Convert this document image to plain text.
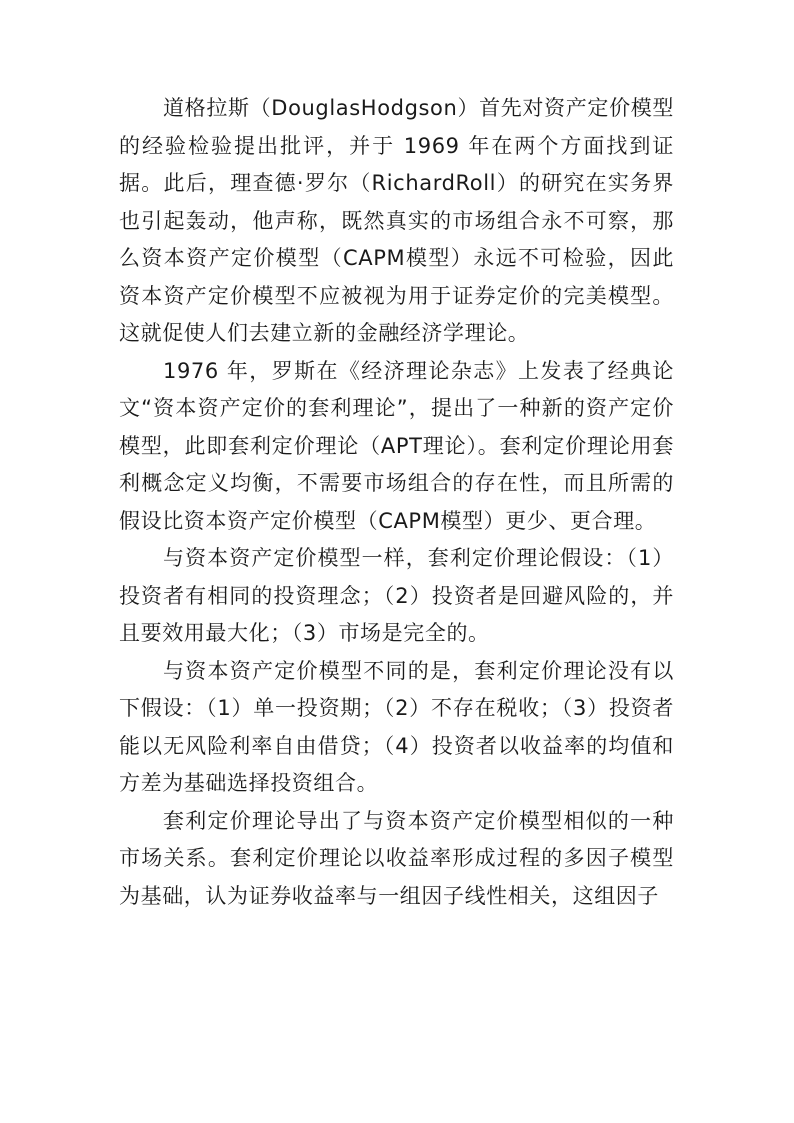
道格拉斯（DouglasHodgson）首先对资产定价模型的经验检验提出批评，并于 1969 年在两个方面找到证据。此后，理查德·罗尔（RichardRoll）的研究在实务界也引起轰动，他声称，既然真实的市场组合永不可察，那么资本资产定价模型（CAPM模型）永远不可检验，因此资本资产定价模型不应被视为用于证券定价的完美模型。这就促使人们去建立新的金融经济学理论。

1976 年，罗斯在《经济理论杂志》上发表了经典论文“资本资产定价的套利理论”，提出了一种新的资产定价模型，此即套利定价理论（APT理论）。套利定价理论用套利概念定义均衡，不需要市场组合的存在性，而且所需的假设比资本资产定价模型（CAPM模型）更少、更合理。

与资本资产定价模型一样，套利定价理论假设：（1）投资者有相同的投资理念；（2）投资者是回避风险的，并且要效用最大化；（3）市场是完全的。

与资本资产定价模型不同的是，套利定价理论没有以下假设：（1）单一投资期；（2）不存在税收；（3）投资者能以无风险利率自由借贷；（4）投资者以收益率的均值和方差为基础选择投资组合。

套利定价理论导出了与资本资产定价模型相似的一种市场关系。套利定价理论以收益率形成过程的多因子模型为基础，认为证券收益率与一组因子线性相关，这组因子
